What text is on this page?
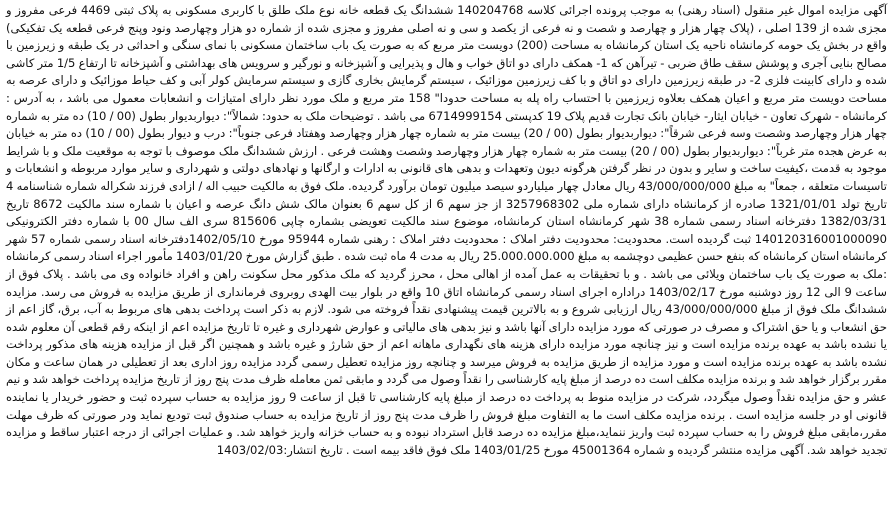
آگهی مزایده اموال غیر منقول (اسناد رهنی) به موجب پرونده اجرائی کلاسه 140204768 ششدانگ یک قطعه خانه نوع ملک طلق با کاربری مسکونی به پلاک ثبتی 4469 فرعی مفروز و مجزی شده از 139 اصلی ، (پلاک چهار هزار و چهارصد و شصت و نه فرعی از یکصد و سی و نه اصلی مفروز و مجزی شده از شماره دو هزار وچهارصد ونود وپنج فرعی قطعه یک تفکیکی) واقع در بخش یک حومه کرمانشاه ناحیه یک استان کرمانشاه به مساحت (200) دویست متر مربع که به صورت یک باب ساختمان مسکونی با نمای سنگی و احداثی در یک طبقه و زیرزمین با مصالح بنایی آجری و پوشش سقف طاق ضربی - تیرآهن که 1- همکف دارای دو اتاق خواب و هال و پذیرایی و آشپزخانه و نورگیر و سرویس های بهداشتی و آشپزخانه تا ارتفاع 1/5 متر کاشی شده و دارای کابینت فلزی 2- در طبقه زیرزمین دارای دو اتاق و با کف زیرزمین موزائیک ، سیستم گرمایش بخاری گازی و سیستم سرمایش کولر آبی و کف حیاط موزائیک و دارای عرصه به مساحت دویست متر مربع و اعیان همکف بعلاوه زیرزمین با احتساب راه پله به مساحت حدودا" 158 متر مربع و ملک مورد نظر دارای امتیازات و انشعابات معمول می باشد ، به آدرس : کرمانشاه - شهرک تعاون - خیابان ایثار- خیابان بانک تجارت قدیم پلاک 19 کدپستی 6714999154 می باشد . توضیحات ملک به حدود: شمالاً": دیواربدیوار بطول (00 / 10) ده متر به شماره چهار هزار وچهارصد وشصت وسه فرعی شرقاً": دیواربدیوار بطول (00 / 20) بیست متر به شماره چهار هزار وچهارصد وهفتاد فرعی جنوباً": درب و دیوار بطول (00 / 10) ده متر به خیابان به عرض هجده متر غرباً": دیواربدیوار بطول (00 / 20) بیست متر به شماره چهار هزار وچهارصد وشصت وهشت فرعی . ارزش ششدانگ ملک موصوف با توجه به موقعیت ملک و با شرایط موجود به قدمت ،کیفیت ساخت و سایر و بدون در نظر گرفتن هرگونه دیون وتعهدات و بدهی های قانونی به ادارات و ارگانها و نهادهای دولتی و شهرداری و سایر موارد مربوطه و انشعابات و تاسیسات متعلقه ، جمعاً" به مبلغ 43/000/000/000 ریال معادل چهار میلیاردو سیصد میلیون تومان برآورد گردیده. ملک فوق به مالکیت حبیب اله / ازادی فرزند شکراله شماره شناسنامه 4 تاریخ تولد 1321/01/01 صادره از کرمانشاه دارای شماره ملی 3257968302 از جز سهم 6 از کل سهم 6 بعنوان مالک شش دانگ عرصه و اعیان با شماره سند مالکیت 8672 تاریخ 1382/03/31 دفترخانه اسناد رسمی شماره 38 شهر کرمانشاه استان کرمانشاه، موضوع سند مالکیت تعویضی بشماره چاپی 815606 سری الف سال 00 با شماره دفتر الکترونیکی 140120316001000090 ثبت گردیده است. محدودیت: محدودیت دفتر املاک : محدودیت دفتر املاک : رهنی شماره 95944 مورخ 1402/05/10دفترخانه اسناد رسمی شماره 57 شهر کرمانشاه استان کرمانشاه که بنفع حسن عظیمی دوچشمه به مبلغ 25.000.000.000 ریال به مدت 4 ماه ثبت شده . طبق گزارش مورخ 1403/01/20 مأمور اجراء اسناد رسمی کرمانشاه :ملک به صورت یک باب ساختمان ویلائی می باشد . و با تحقیقات به عمل آمده از اهالی محل ، محرز گردید که ملک مذکور محل سکونت راهن و افراد خانواده وی می باشد . پلاک فوق از ساعت 9 الی 12 روز دوشنبه مورخ 1403/02/17 دراداره اجرای اسناد رسمی کرمانشاه اتاق 10 واقع در بلوار بیت الهدی روبروی فرمانداری از طریق مزایده به فروش می رسد. مزایده ششدانگ ملک فوق از مبلغ 43/000/000/000 ریال ارزیابی شروع و به بالاترین قیمت پیشنهادی نقداً فروخته می شود. لازم به ذکر است پرداخت بدهی های مربوط به آب، برق، گاز اعم از حق انشعاب و یا حق اشتراک و مصرف در صورتی که مورد مزایده دارای آنها باشد و نیز بدهی های مالیاتی و عوارض شهرداری و غیره تا تاریخ مزایده اعم از اینکه رقم قطعی آن معلوم شده یا نشده باشد به عهده برنده مزایده است و نیز چنانچه مورد مزایده دارای هزینه های نگهداری ماهانه اعم از حق شارژ و غیره باشد و همچنین اگر قبل از مزایده هزینه های مذکور پرداخت نشده باشد به عهده برنده مزایده است و مورد مزایده از طریق مزایده به فروش میرسد و چنانچه روز مزایده تعطیل رسمی گردد مزایده روز اداری بعد از تعطیلی در همان ساعت و مکان مقرر برگزار خواهد شد و برنده مزایده مکلف است ده درصد از مبلغ پایه کارشناسی را نقداً وصول می گردد و مابقی ثمن معامله ظرف مدت پنج روز از تاریخ مزایده پرداخت خواهد شد و نیم عشر و حق مزایده نقداً وصول میگردد، شرکت در مزایده منوط به پرداخت ده درصد از مبلغ پایه کارشناسی تا قبل از ساعت 9 روز مزایده به حساب سپرده ثبت و حضور خریدار یا نماینده قانونی او در جلسه مزایده است . برنده مزایده مکلف است ما به التفاوت مبلغ فروش را ظرف مدت پنج روز از تاریخ مزایده به حساب صندوق ثبت تودیع نماید ودر صورتی که ظرف مهلت مقرر،مابقی مبلغ فروش را به حساب سپرده ثبت واریز ننماید،مبلغ مزایده ده درصد قابل استرداد نبوده و به حساب خزانه واریز خواهد شد. و عملیات اجرائی از درجه اعتبار ساقط و مزایده تجدید خواهد شد. آگهی مزایده منتشر گردیده و شماره 45001364 مورخ 1403/01/25 ملک فوق فاقد بیمه است . تاریخ انتشار:1403/02/03
